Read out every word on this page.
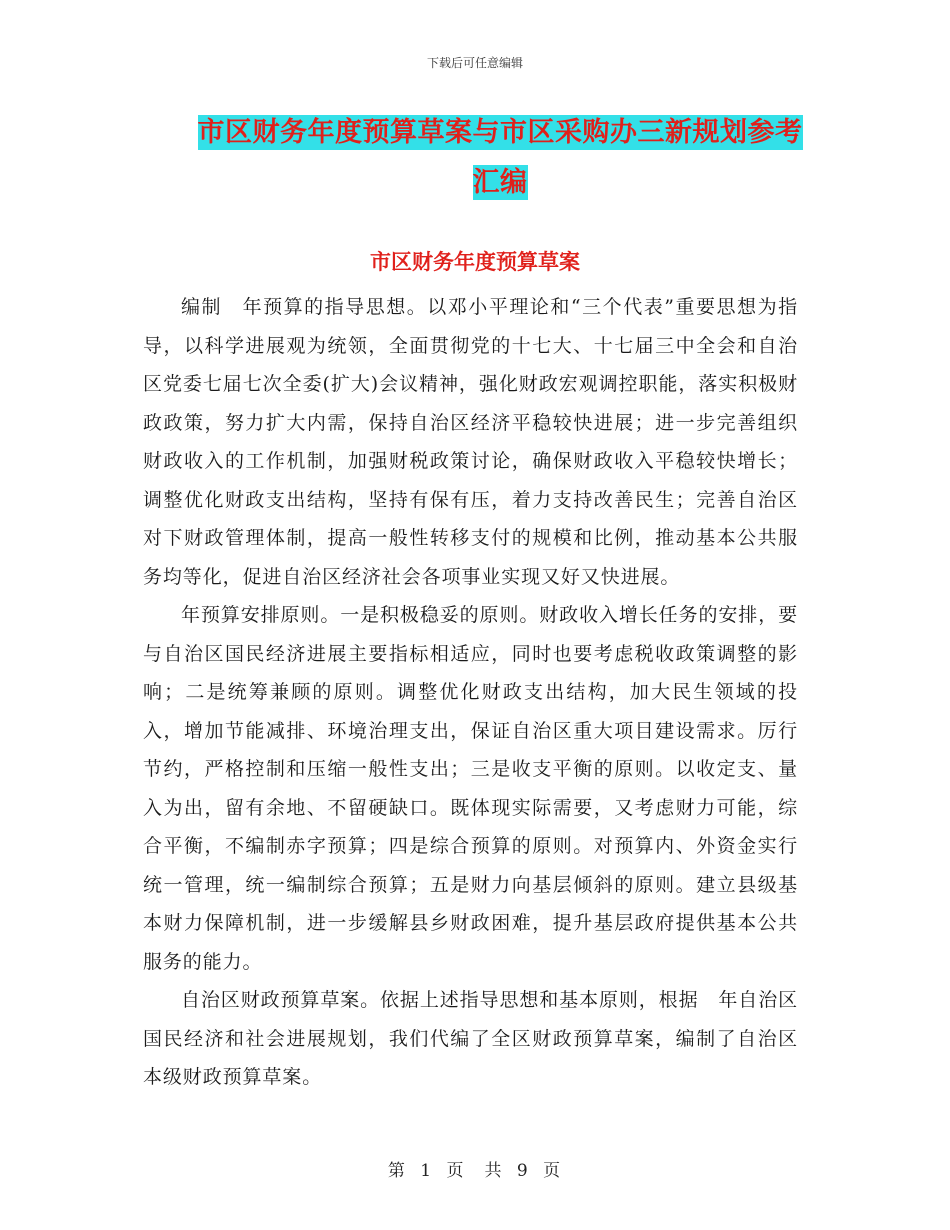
下载后可任意编辑
市区财务年度预算草案与市区采购办三新规划参考汇编
市区财务年度预算草案

编制　年预算的指导思想。以邓小平理论和“三个代表”重要思想为指导，以科学进展观为统领，全面贯彻党的十七大、十七届三中全会和自治区党委七届七次全委(扩大)会议精神，强化财政宏观调控职能，落实积极财政政策，努力扩大内需，保持自治区经济平稳较快进展；进一步完善组织财政收入的工作机制，加强财税政策讨论，确保财政收入平稳较快增长；调整优化财政支出结构，坚持有保有压，着力支持改善民生；完善自治区对下财政管理体制，提高一般性转移支付的规模和比例，推动基本公共服务均等化，促进自治区经济社会各项事业实现又好又快进展。

年预算安排原则。一是积极稳妥的原则。财政收入增长任务的安排，要与自治区国民经济进展主要指标相适应，同时也要考虑税收政策调整的影响；二是统筹兼顾的原则。调整优化财政支出结构，加大民生领域的投入，增加节能减排、环境治理支出，保证自治区重大项目建设需求。厉行节约，严格控制和压缩一般性支出；三是收支平衡的原则。以收定支、量入为出，留有余地、不留硬缺口。既体现实际需要，又考虑财力可能，综合平衡，不编制赤字预算；四是综合预算的原则。对预算内、外资金实行统一管理，统一编制综合预算；五是财力向基层倾斜的原则。建立县级基本财力保障机制，进一步缓解县乡财政困难，提升基层政府提供基本公共服务的能力。

自治区财政预算草案。依据上述指导思想和基本原则，根据　年自治区国民经济和社会进展规划，我们代编了全区财政预算草案，编制了自治区本级财政预算草案。

第 1 页　共 9 页
